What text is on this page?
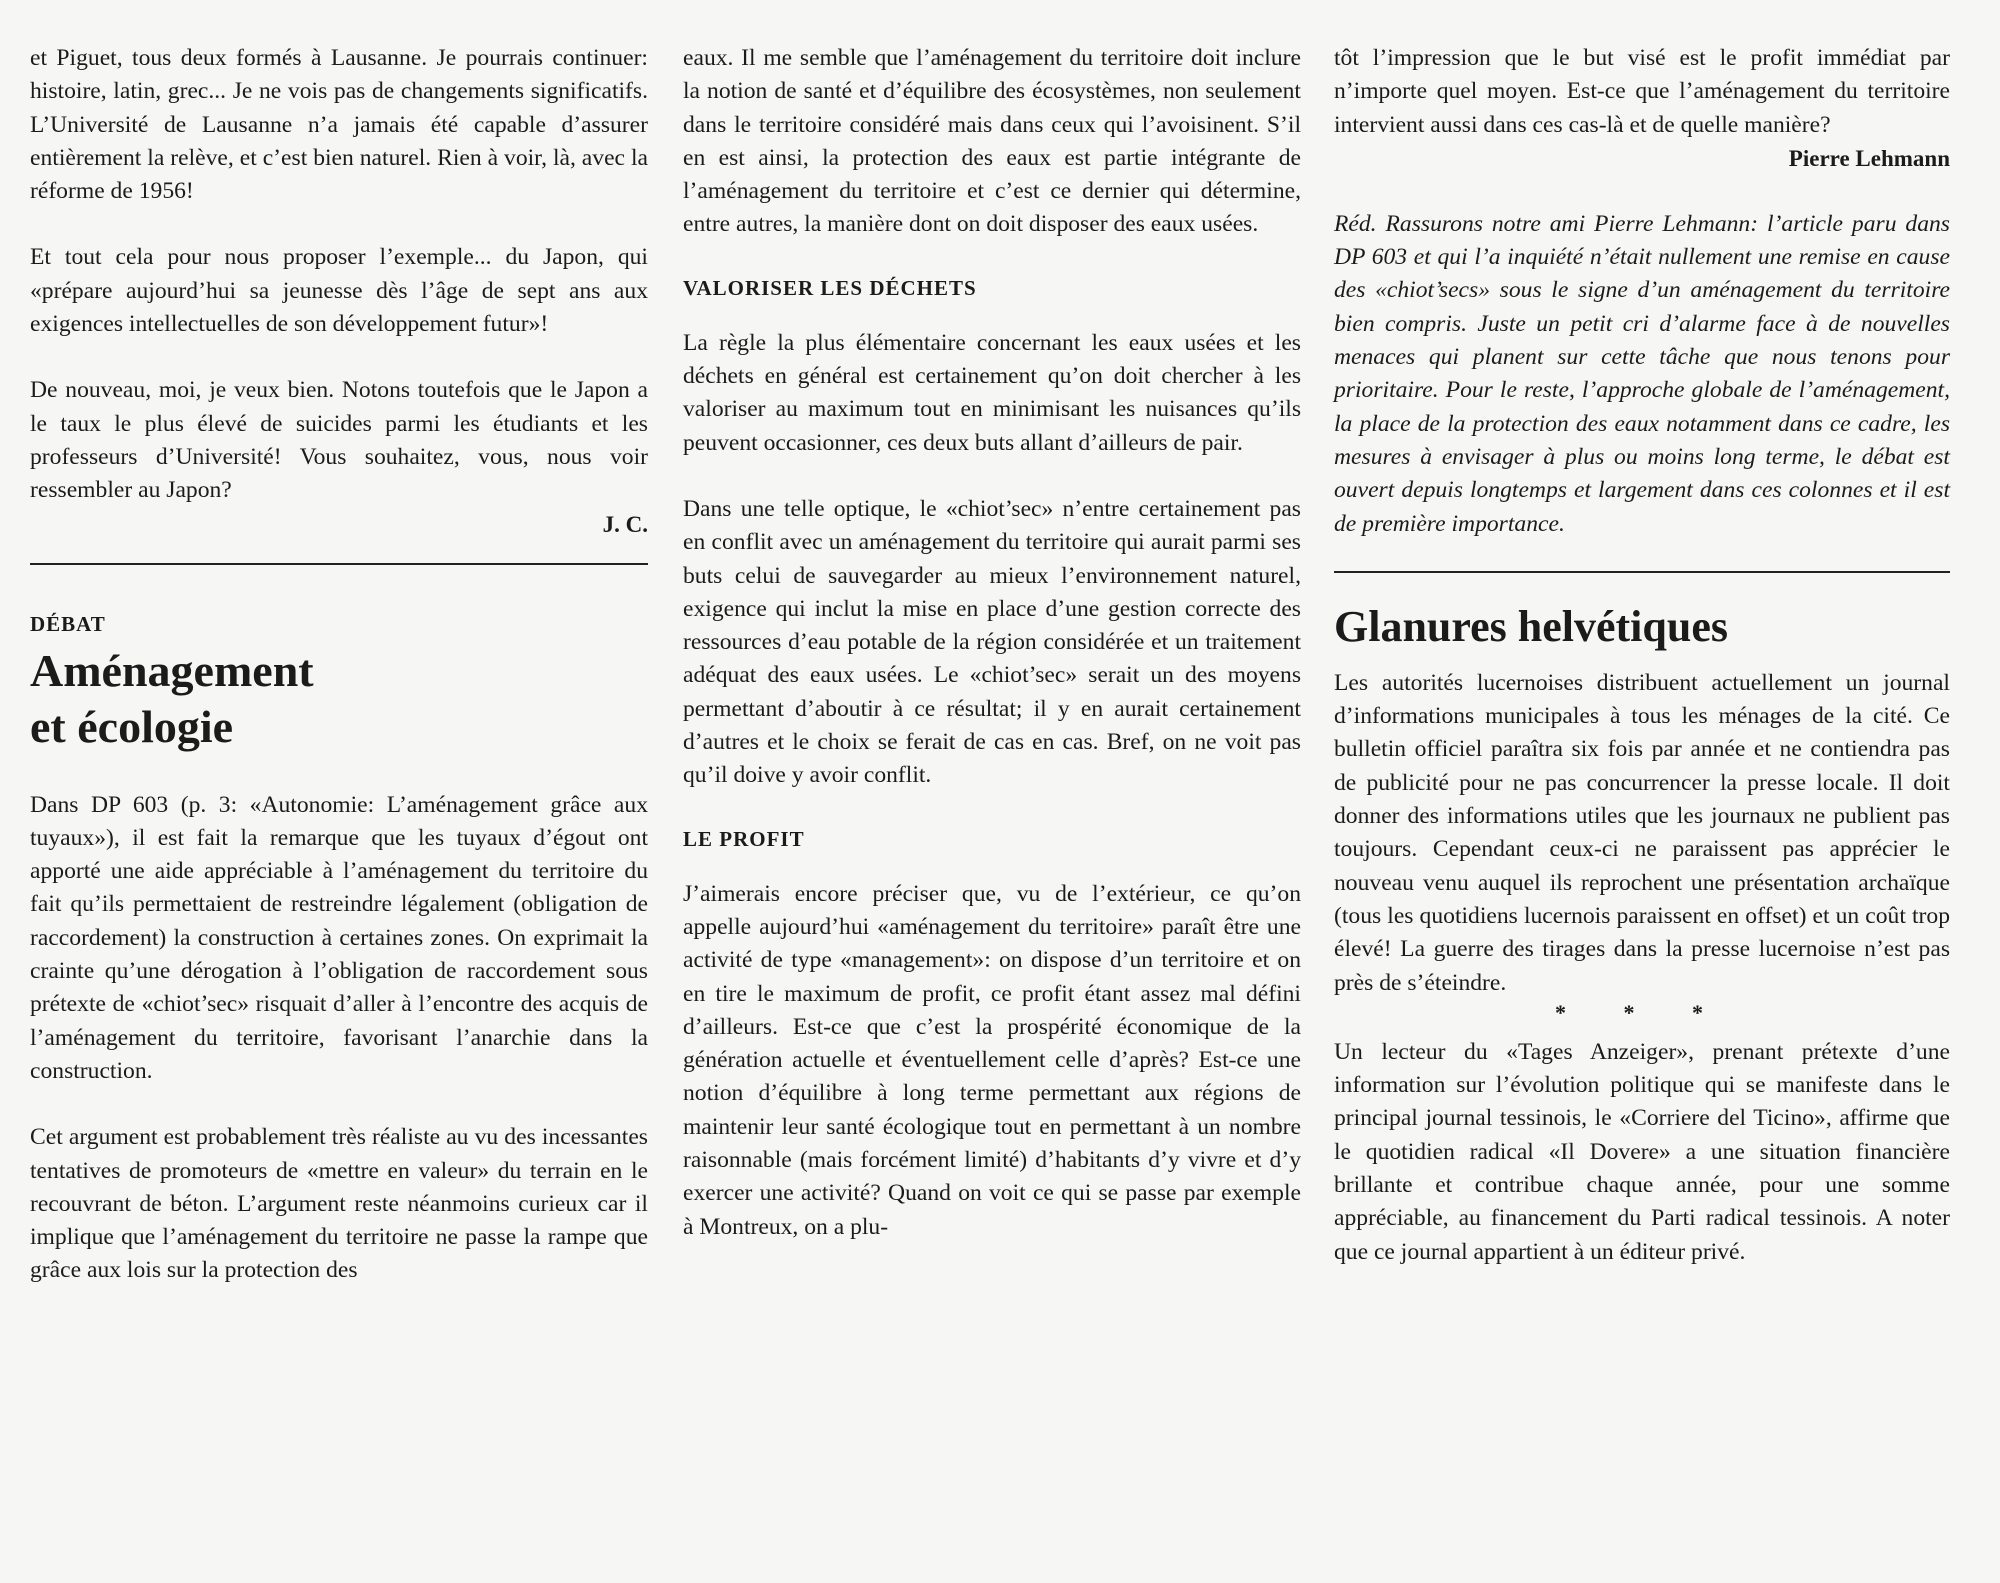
et Piguet, tous deux formés à Lausanne. Je pourrais continuer: histoire, latin, grec... Je ne vois pas de changements significatifs. L’Université de Lausanne n’a jamais été capable d’assurer entièrement la relève, et c’est bien naturel. Rien à voir, là, avec la réforme de 1956!

Et tout cela pour nous proposer l’exemple... du Japon, qui «prépare aujourd’hui sa jeunesse dès l’âge de sept ans aux exigences intellectuelles de son développement futur»!

De nouveau, moi, je veux bien. Notons toutefois que le Japon a le taux le plus élevé de suicides parmi les étudiants et les professeurs d’Université! Vous souhaitez, vous, nous voir ressembler au Japon?

J. C.
DÉBAT
Aménagement
et écologie

Dans DP 603 (p. 3: «Autonomie: L’aménagement grâce aux tuyaux»), il est fait la remarque que les tuyaux d’égout ont apporté une aide appréciable à l’aménagement du territoire du fait qu’ils permettaient de restreindre légalement (obligation de raccordement) la construction à certaines zones. On exprimait la crainte qu’une dérogation à l’obligation de raccordement sous prétexte de «chiot’sec» risquait d’aller à l’encontre des acquis de l’aménagement du territoire, favorisant l’anarchie dans la construction.

Cet argument est probablement très réaliste au vu des incessantes tentatives de promoteurs de «mettre en valeur» du terrain en le recouvrant de béton. L’argument reste néanmoins curieux car il implique que l’aménagement du territoire ne passe la rampe que grâce aux lois sur la protection des

eaux. Il me semble que l’aménagement du territoire doit inclure la notion de santé et d’équilibre des écosystèmes, non seulement dans le territoire considéré mais dans ceux qui l’avoisinent. S’il en est ainsi, la protection des eaux est partie intégrante de l’aménagement du territoire et c’est ce dernier qui détermine, entre autres, la manière dont on doit disposer des eaux usées.

VALORISER LES DÉCHETS

La règle la plus élémentaire concernant les eaux usées et les déchets en général est certainement qu’on doit chercher à les valoriser au maximum tout en minimisant les nuisances qu’ils peuvent occasionner, ces deux buts allant d’ailleurs de pair.

Dans une telle optique, le «chiot’sec» n’entre certainement pas en conflit avec un aménagement du territoire qui aurait parmi ses buts celui de sauvegarder au mieux l’environnement naturel, exigence qui inclut la mise en place d’une gestion correcte des ressources d’eau potable de la région considérée et un traitement adéquat des eaux usées. Le «chiot’sec» serait un des moyens permettant d’aboutir à ce résultat; il y en aurait certainement d’autres et le choix se ferait de cas en cas. Bref, on ne voit pas qu’il doive y avoir conflit.

LE PROFIT

J’aimerais encore préciser que, vu de l’extérieur, ce qu’on appelle aujourd’hui «aménagement du territoire» paraît être une activité de type «management»: on dispose d’un territoire et on en tire le maximum de profit, ce profit étant assez mal défini d’ailleurs. Est-ce que c’est la prospérité économique de la génération actuelle et éventuellement celle d’après? Est-ce une notion d’équilibre à long terme permettant aux régions de maintenir leur santé écologique tout en permettant à un nombre raisonnable (mais forcément limité) d’habitants d’y vivre et d’y exercer une activité? Quand on voit ce qui se passe par exemple à Montreux, on a plu-

tôt l’impression que le but visé est le profit immédiat par n’importe quel moyen. Est-ce que l’aménagement du territoire intervient aussi dans ces cas-là et de quelle manière?

Pierre Lehmann

Réd. Rassurons notre ami Pierre Lehmann: l’article paru dans DP 603 et qui l’a inquiété n’était nullement une remise en cause des «chiot’secs» sous le signe d’un aménagement du territoire bien compris. Juste un petit cri d’alarme face à de nouvelles menaces qui planent sur cette tâche que nous tenons pour prioritaire. Pour le reste, l’approche globale de l’aménagement, la place de la protection des eaux notamment dans ce cadre, les mesures à envisager à plus ou moins long terme, le débat est ouvert depuis longtemps et largement dans ces colonnes et il est de première importance.

Glanures helvétiques

Les autorités lucernoises distribuent actuellement un journal d’informations municipales à tous les ménages de la cité. Ce bulletin officiel paraîtra six fois par année et ne contiendra pas de publicité pour ne pas concurrencer la presse locale. Il doit donner des informations utiles que les journaux ne publient pas toujours. Cependant ceux-ci ne paraissent pas apprécier le nouveau venu auquel ils reprochent une présentation archaïque (tous les quotidiens lucernois paraissent en offset) et un coût trop élevé! La guerre des tirages dans la presse lucernoise n’est pas près de s’éteindre.

* * *

Un lecteur du «Tages Anzeiger», prenant prétexte d’une information sur l’évolution politique qui se manifeste dans le principal journal tessinois, le «Corriere del Ticino», affirme que le quotidien radical «Il Dovere» a une situation financière brillante et contribue chaque année, pour une somme appréciable, au financement du Parti radical tessinois. A noter que ce journal appartient à un éditeur privé.
